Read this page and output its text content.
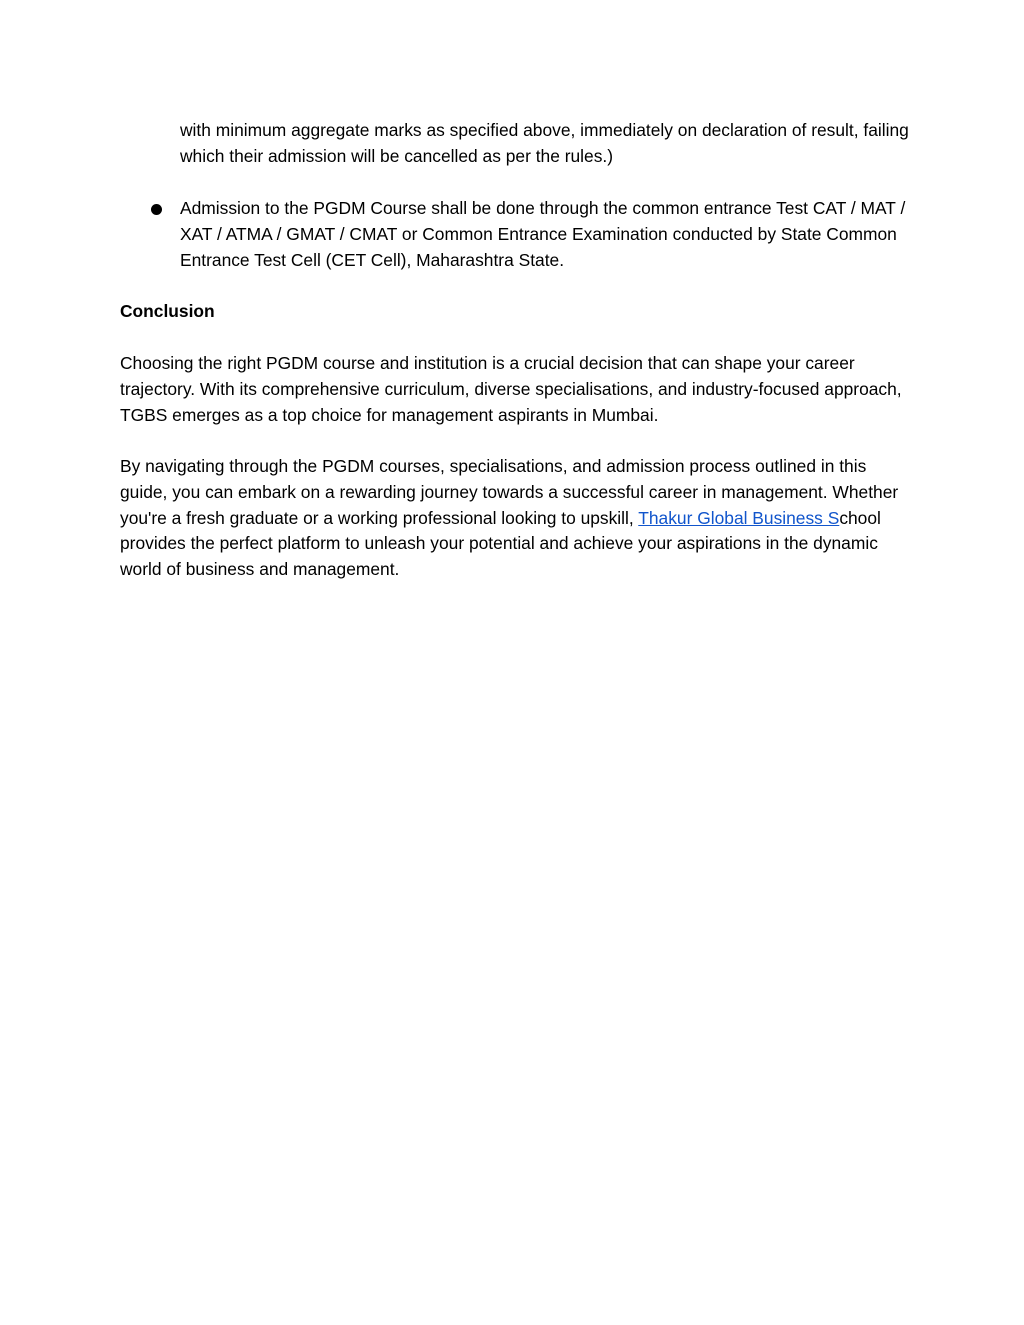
with minimum aggregate marks as specified above, immediately on declaration of result, failing which their admission will be cancelled as per the rules.)

Admission to the PGDM Course shall be done through the common entrance Test CAT / MAT / XAT / ATMA / GMAT / CMAT or Common Entrance Examination conducted by State Common Entrance Test Cell (CET Cell), Maharashtra State.

Conclusion

Choosing the right PGDM course and institution is a crucial decision that can shape your career trajectory. With its comprehensive curriculum, diverse specialisations, and industry-focused approach, TGBS emerges as a top choice for management aspirants in Mumbai.

By navigating through the PGDM courses, specialisations, and admission process outlined in this guide, you can embark on a rewarding journey towards a successful career in management. Whether you're a fresh graduate or a working professional looking to upskill, Thakur Global Business School provides the perfect platform to unleash your potential and achieve your aspirations in the dynamic world of business and management.
